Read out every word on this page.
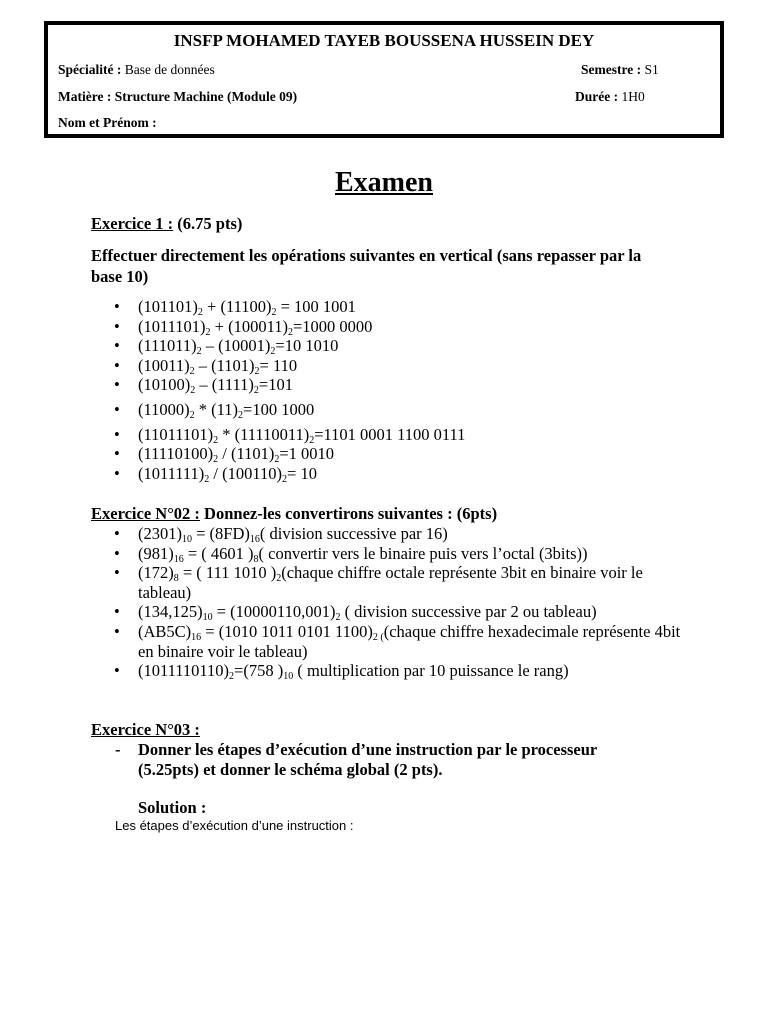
INSFP MOHAMED TAYEB BOUSSENA HUSSEIN DEY
Spécialité : Base de données	Semestre : S1
Matière : Structure Machine (Module 09)	Durée : 1H0
Nom et Prénom :
Examen
Exercice 1 : (6.75 pts)
Effectuer directement les opérations suivantes en vertical (sans repasser par la base 10)
• $(101101)_2 + (11100)_2 = 100$ 1001
• $(1011101)_2 + (100011)_2=1000$ 0000
• $(111011)_2 - (10001)_2=10$ 1010
• $(10011)_2 - (1101)_2= 110$
• $(10100)_2 - (1111)_2=101$
• $(11000)_2 * (11)_2=100$ 1000
• $(11011101)_2 * (11110011)_2=1101$ 0001 1100 0111
• $(11110100)_2 / (1101)_2=1$ 0010
• $(1011111)_2 / (100110)_2= 10$
Exercice N°02 : Donnez-les convertirons suivantes : (6pts)
• $(2301)_{10} = (8FD)_{16}$( division successive par 16)
• $(981)_{16}$ = ( 4601 )$_8$( convertir vers le binaire puis vers l’octal (3bits))
• $(172)_8$ = ( 111 1010 )$_2(chaque$ chiffre octale représente 3bit en binaire voir le tableau)
• $(134,125)_{10} = (10000110,001)_2$ ( division successive par 2 ou tableau)
• $(AB5C)_{16} = (1010$ 1011 0101 $1100)_{2 (}(chaque$ chiffre hexadecimale représente 4bit en binaire voir le tableau)
• $(1011110110)_2=(758$ )$_{10}$ ( multiplication par 10 puissance le rang)
Exercice N°03 :
-	Donner les étapes d’exécution d’une instruction par le processeur (5.25pts) et donner le schéma global (2 pts).
Solution :
Les étapes d’exécution d’une instruction :
